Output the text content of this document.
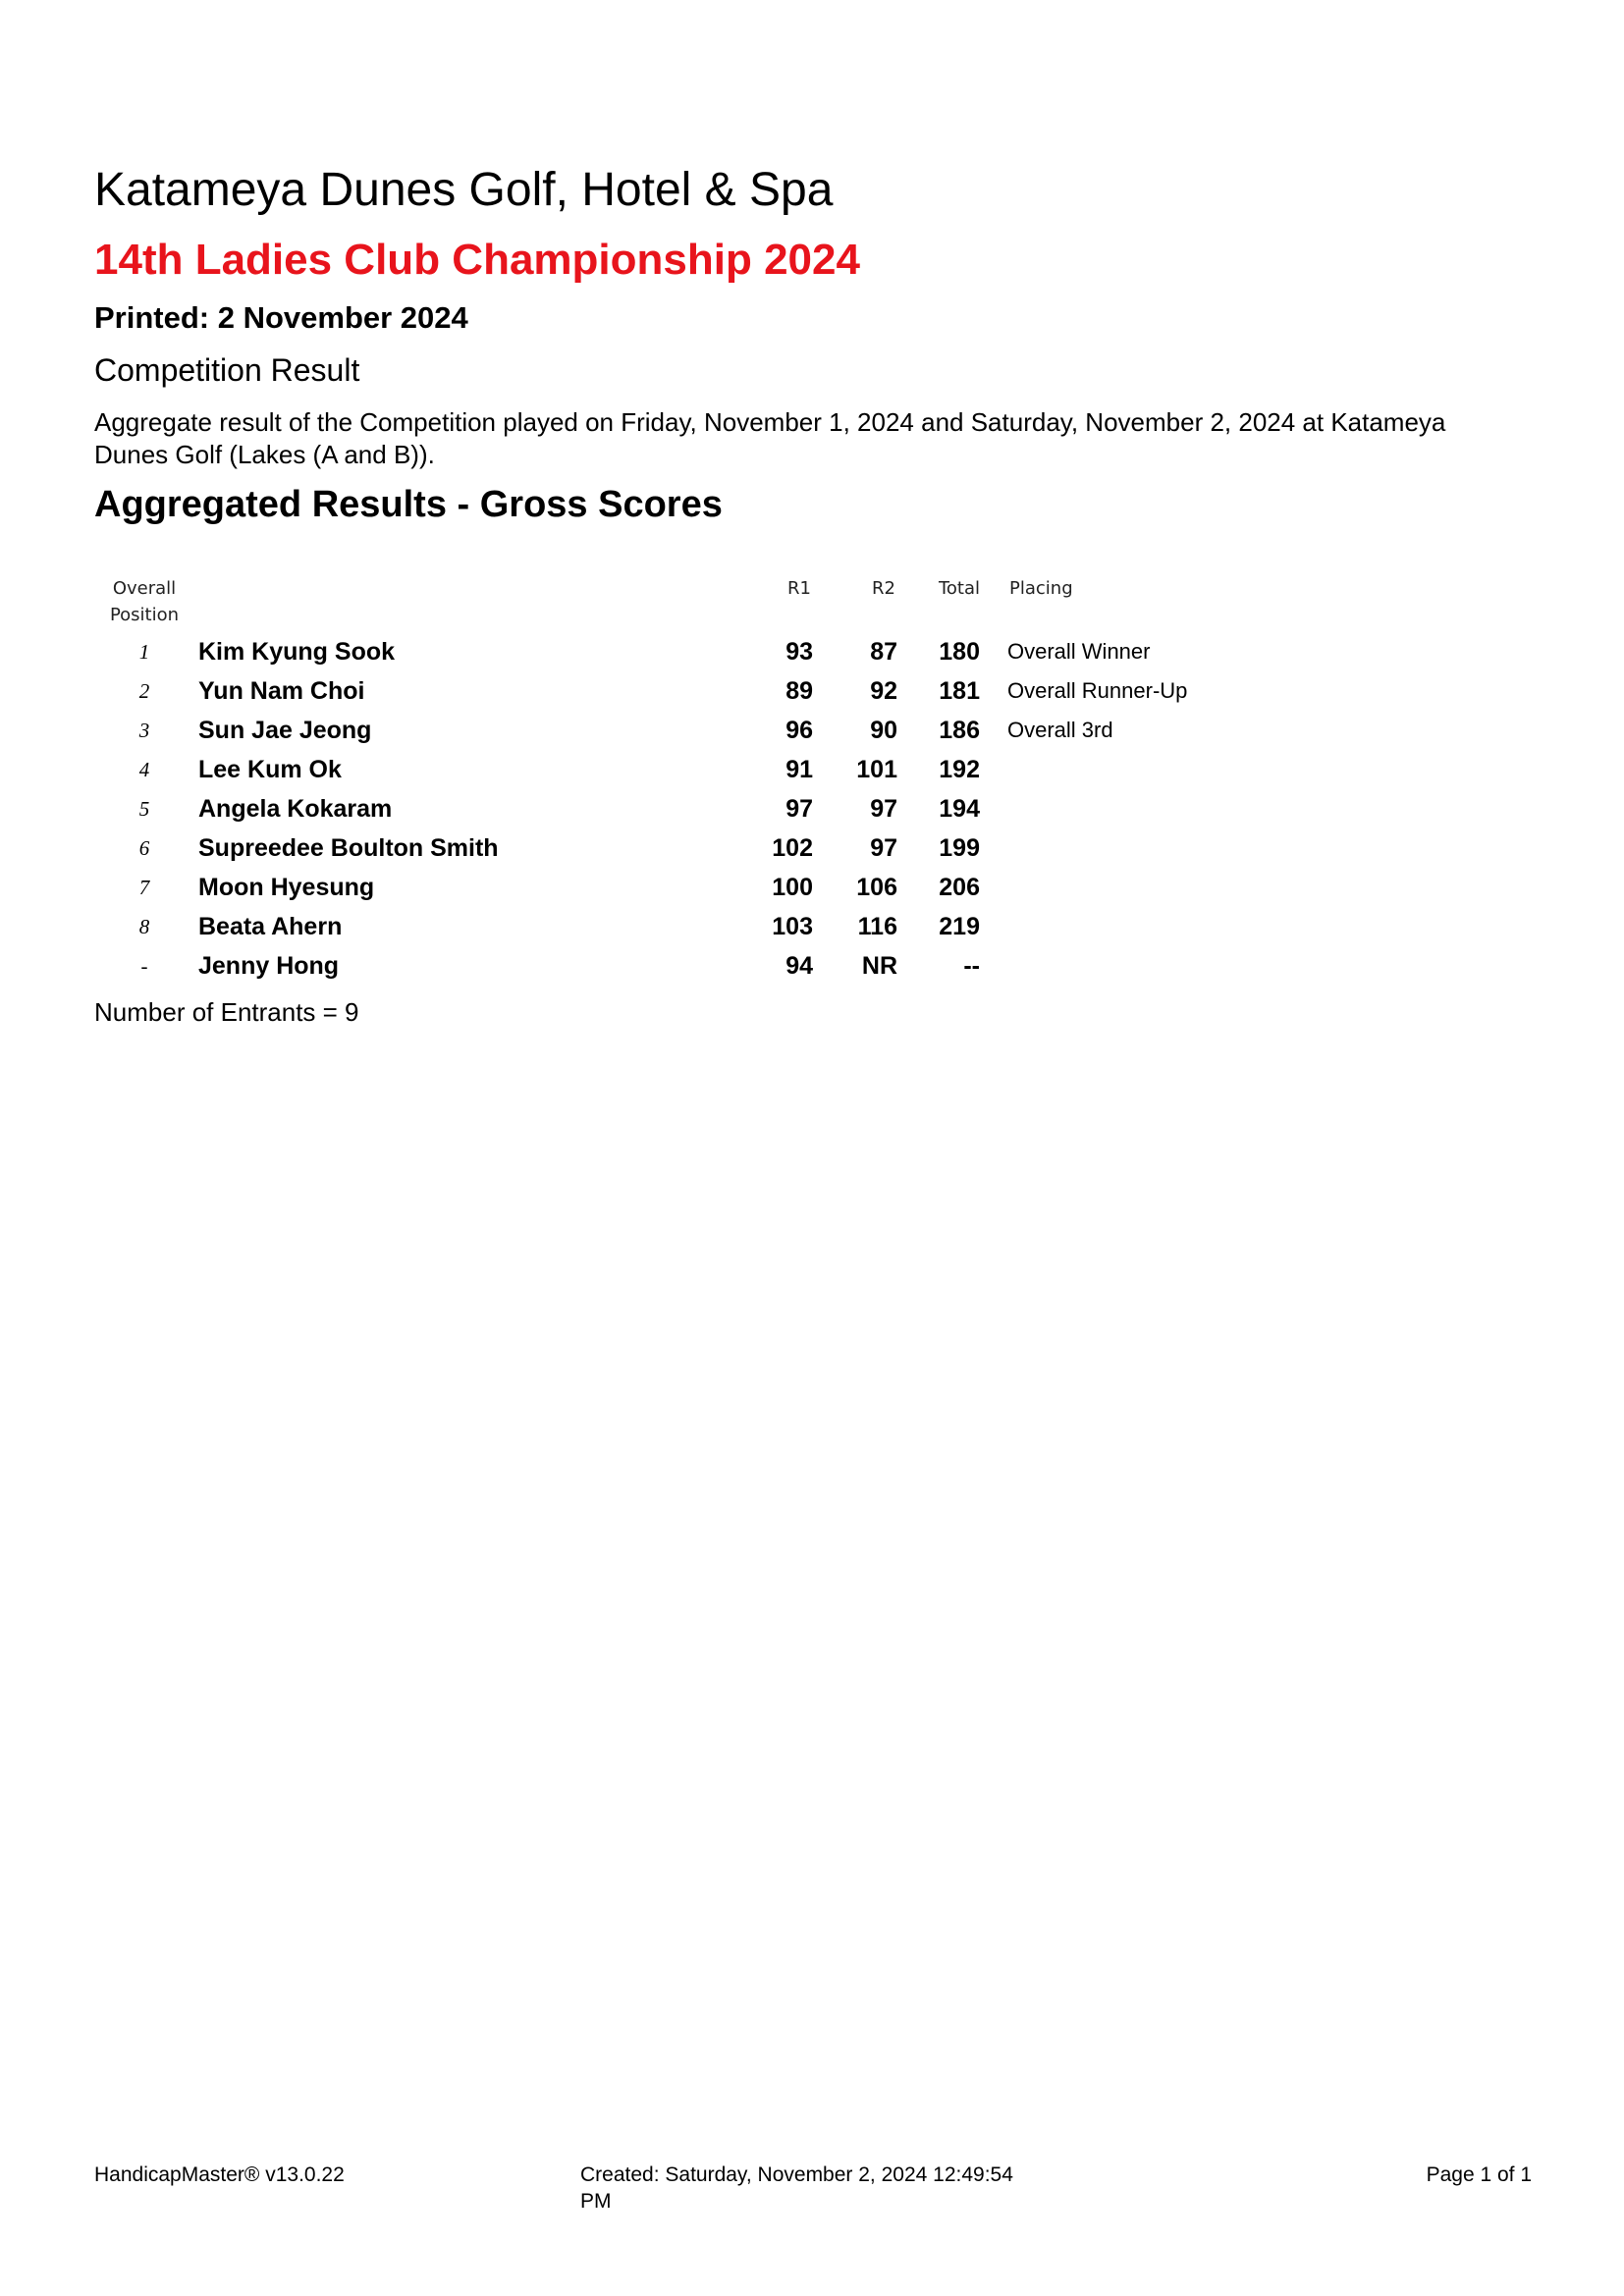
Katameya Dunes Golf, Hotel & Spa
14th Ladies Club Championship 2024

Printed: 2 November 2024

Competition Result

Aggregate result of the Competition played on Friday, November 1, 2024 and Saturday, November 2, 2024 at Katameya Dunes Golf (Lakes (A and B)).

Aggregated Results - Gross Scores
Overall
Position		R1	R2	Total		Placing
1	Kim Kyung Sook	93	87	180		Overall Winner
2	Yun Nam Choi	89	92	181		Overall Runner-Up
3	Sun Jae Jeong	96	90	186		Overall 3rd
4	Lee Kum Ok	91	101	192		
5	Angela Kokaram	97	97	194		
6	Supreedee Boulton Smith	102	97	199		
7	Moon Hyesung	100	106	206		
8	Beata Ahern	103	116	219		
-	Jenny Hong	94	NR	--		

Number of Entrants = 9

HandicapMaster® v13.0.22	Created: Saturday, November 2, 2024 12:49:54
PM

Page 1 of 1
